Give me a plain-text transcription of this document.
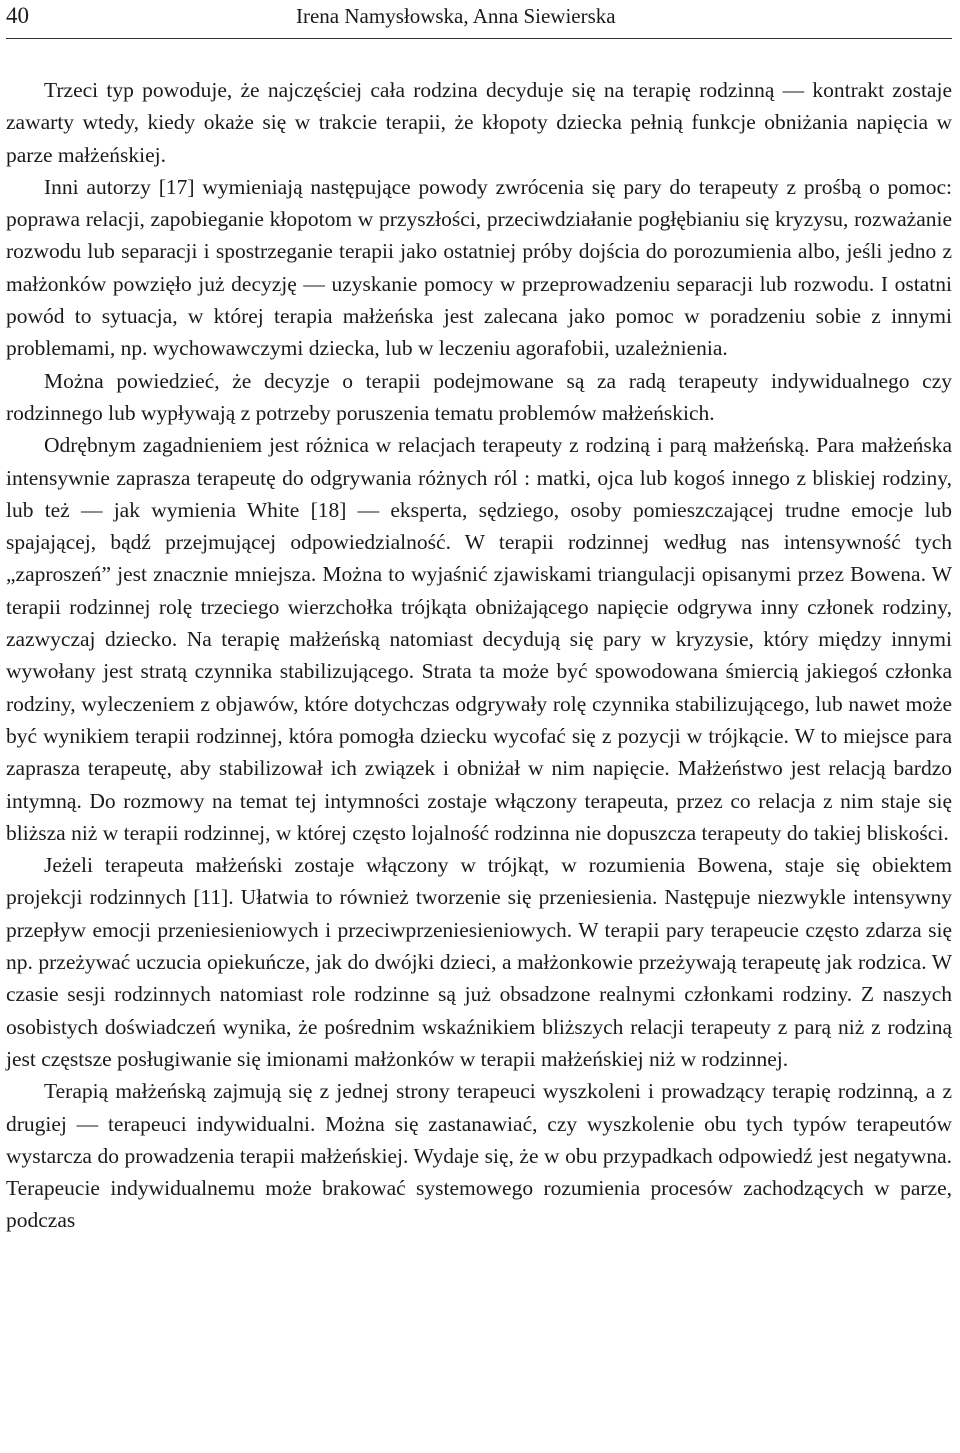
40	Irena Namysłowska, Anna Siewierska

Trzeci typ powoduje, że najczęściej cała rodzina decyduje się na terapię rodzinną — kontrakt zostaje zawarty wtedy, kiedy okaże się w trakcie terapii, że kłopoty dziecka pełnią funkcje obniżania napięcia w parze małżeńskiej.

Inni autorzy [17] wymieniają następujące powody zwrócenia się pary do terapeuty z prośbą o pomoc: poprawa relacji, zapobieganie kłopotom w przyszłości, przeciwdziałanie pogłębianiu się kryzysu, rozważanie rozwodu lub separacji i spostrzeganie terapii jako ostatniej próby dojścia do porozumienia albo, jeśli jedno z małżonków powzięło już decyzję — uzyskanie pomocy w przeprowadzeniu separacji lub rozwodu. I ostatni powód to sytuacja, w której terapia małżeńska jest zalecana jako pomoc w poradzeniu sobie z innymi problemami, np. wychowawczymi dziecka, lub w leczeniu agorafobii, uzależnienia.

Można powiedzieć, że decyzje o terapii podejmowane są za radą terapeuty indywidualnego czy rodzinnego lub wypływają z potrzeby poruszenia tematu problemów małżeńskich.

Odrębnym zagadnieniem jest różnica w relacjach terapeuty z rodziną i parą małżeńską. Para małżeńska intensywnie zaprasza terapeutę do odgrywania różnych ról : matki, ojca lub kogoś innego z bliskiej rodziny, lub też — jak wymienia White [18] — eksperta, sędziego, osoby pomieszczającej trudne emocje lub spajającej, bądź przejmującej odpowiedzialność. W terapii rodzinnej według nas intensywność tych „zaproszeń” jest znacznie mniejsza. Można to wyjaśnić zjawiskami triangulacji opisanymi przez Bowena. W terapii rodzinnej rolę trzeciego wierzchołka trójkąta obniżającego napięcie odgrywa inny członek rodziny, zazwyczaj dziecko. Na terapię małżeńską natomiast decydują się pary w kryzysie, który między innymi wywołany jest stratą czynnika stabilizującego. Strata ta może być spowodowana śmiercią jakiegoś członka rodziny, wyleczeniem z objawów, które dotychczas odgrywały rolę czynnika stabilizującego, lub nawet może być wynikiem terapii rodzinnej, która pomogła dziecku wycofać się z pozycji w trójkącie. W to miejsce para zaprasza terapeutę, aby stabilizował ich związek i obniżał w nim napięcie. Małżeństwo jest relacją bardzo intymną. Do rozmowy na temat tej intymności zostaje włączony terapeuta, przez co relacja z nim staje się bliższa niż w terapii rodzinnej, w której często lojalność rodzinna nie dopuszcza terapeuty do takiej bliskości.

Jeżeli terapeuta małżeński zostaje włączony w trójkąt, w rozumienia Bowena, staje się obiektem projekcji rodzinnych [11]. Ułatwia to również tworzenie się przeniesienia. Następuje niezwykle intensywny przepływ emocji przeniesieniowych i przeciwprzeniesieniowych. W terapii pary terapeucie często zdarza się np. przeżywać uczucia opiekuńcze, jak do dwójki dzieci, a małżonkowie przeżywają terapeutę jak rodzica. W czasie sesji rodzinnych natomiast role rodzinne są już obsadzone realnymi członkami rodziny. Z naszych osobistych doświadczeń wynika, że pośrednim wskaźnikiem bliższych relacji terapeuty z parą niż z rodziną jest częstsze posługiwanie się imionami małżonków w terapii małżeńskiej niż w rodzinnej.

Terapią małżeńską zajmują się z jednej strony terapeuci wyszkoleni i prowadzący terapię rodzinną, a z drugiej — terapeuci indywidualni. Można się zastanawiać, czy wyszkolenie obu tych typów terapeutów wystarcza do prowadzenia terapii małżeńskiej. Wydaje się, że w obu przypadkach odpowiedź jest negatywna. Terapeucie indywidualnemu może brakować systemowego rozumienia procesów zachodzących w parze, podczas
